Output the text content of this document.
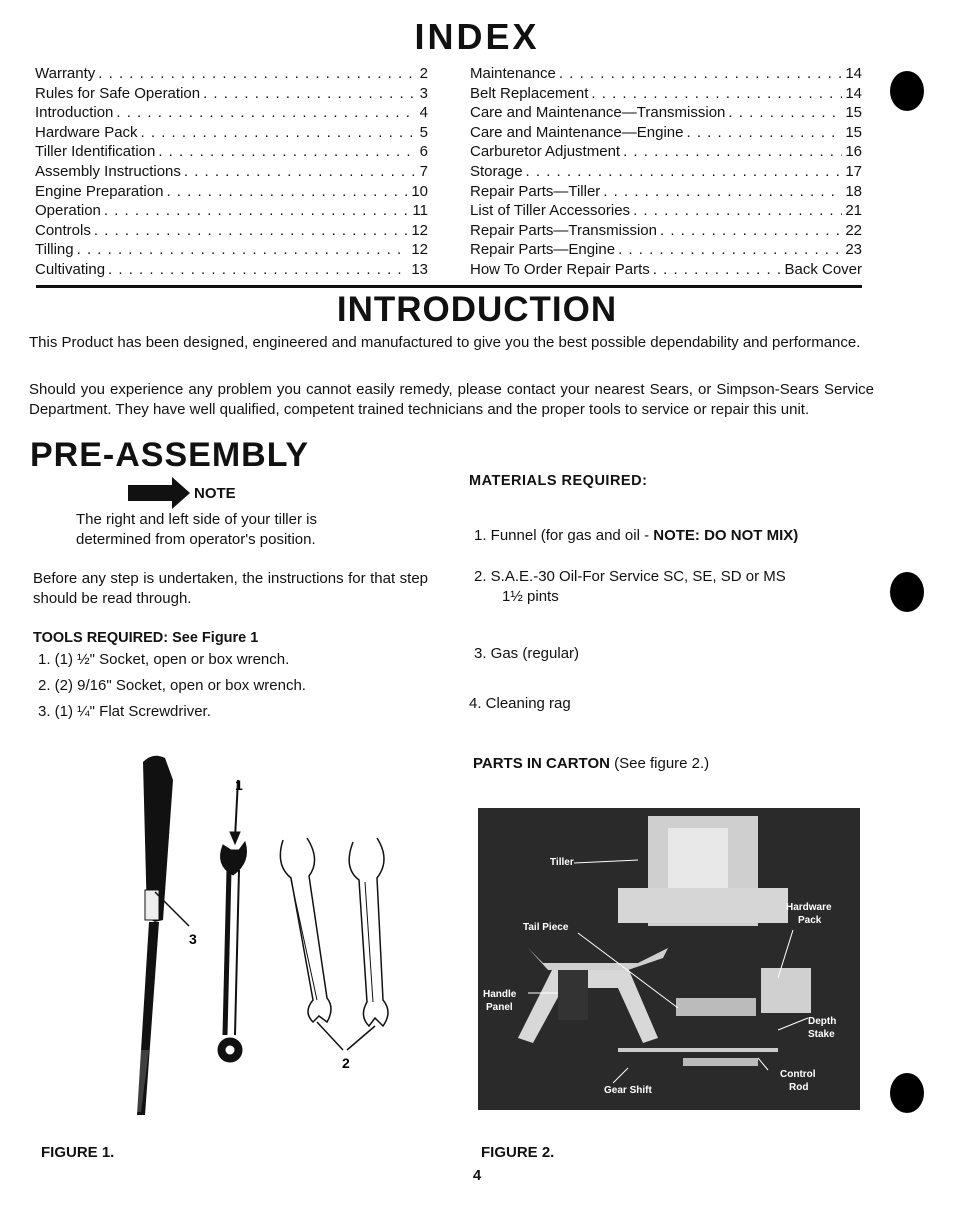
INDEX
Warranty . . .	2
Rules for Safe Operation . . .	3
Introduction . . .	4
Hardware Pack . . .	5
Tiller Identification . . .	6
Assembly Instructions . . .	7
Engine Preparation . . .	10
Operation . . .	11
Controls . . .	12
Tilling . . .	12
Cultivating . . .	13
Maintenance . . .	14
Belt Replacement . . .	14
Care and Maintenance—Transmission . . .	15
Care and Maintenance—Engine . . .	15
Carburetor Adjustment . . .	16
Storage . . .	17
Repair Parts—Tiller . . .	18
List of Tiller Accessories . . .	21
Repair Parts—Transmission . . .	22
Repair Parts—Engine . . .	23
How To Order Repair Parts . . .	Back Cover
INTRODUCTION
This Product has been designed, engineered and manufactured to give you the best possible dependability and performance.
Should you experience any problem you cannot easily remedy, please contact your nearest Sears, or Simpson-Sears Service Department. They have well qualified, competent trained technicians and the proper tools to service or repair this unit.
PRE-ASSEMBLY
NOTE
The right and left side of your tiller is determined from operator's position.
Before any step is undertaken, the instructions for that step should be read through.
TOOLS REQUIRED: See Figure 1
1. (1) ½" Socket, open or box wrench.
2. (2) 9/16" Socket, open or box wrench.
3. (1) ¼" Flat Screwdriver.
MATERIALS REQUIRED:
1. Funnel (for gas and oil - NOTE: DO NOT MIX)
2. S.A.E.-30 Oil-For Service SC, SE, SD or MS
1½ pints
3. Gas (regular)
4. Cleaning rag
1
3
2
PARTS IN CARTON (See figure 2.)
Tiller
Tail Piece
Hardware
Pack
Handle
Panel
Depth
Stake
Control
Rod
Gear Shift
FIGURE 1.	FIGURE 2.
4
